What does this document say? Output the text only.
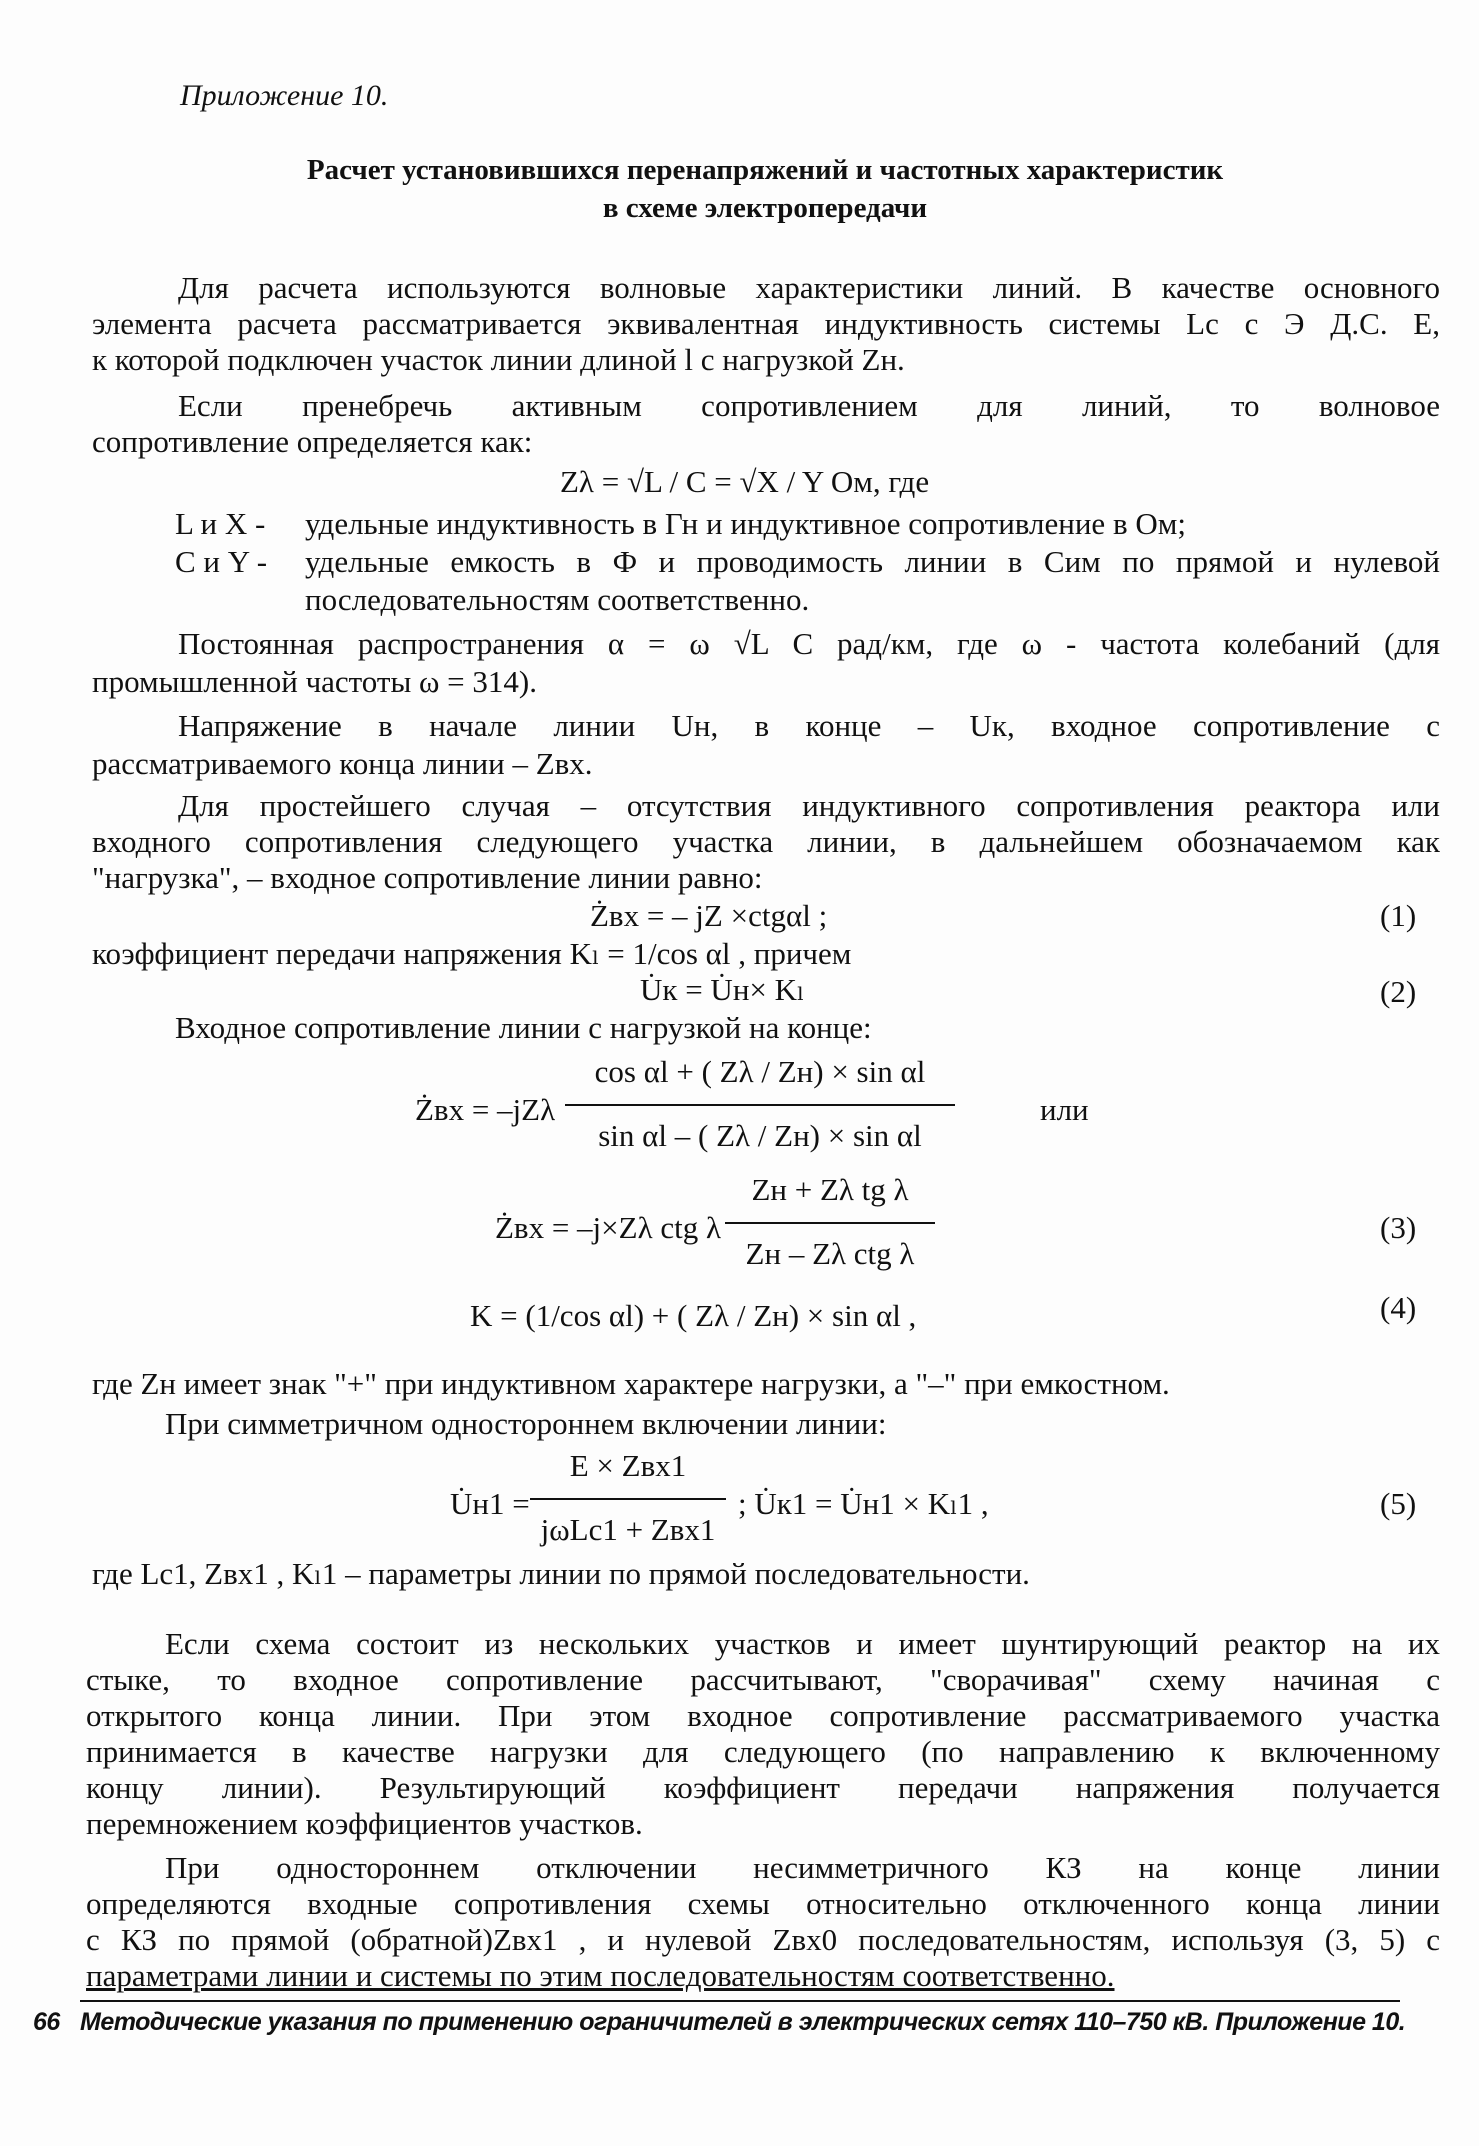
Приложение 10.
Расчет установившихся перенапряжений и частотных характеристик
в схеме электропередачи
Для расчета используются волновые характеристики линий. В качестве основного
элемента расчета рассматривается эквивалентная индуктивность системы Lс с Э Д.С. Е,
к которой подключен участок линии длиной l с нагрузкой Zн.
Если пренебречь активным сопротивлением для линий, то волновое
сопротивление определяется как:
Zλ = √L / C = √X / Y Ом, где
L и X - удельные индуктивность в Гн и индуктивное сопротивление в Ом;
C и Y - удельные емкость в Ф и проводимость линии в Сим по прямой и нулевой
последовательностям соответственно.
Постоянная распространения α = ω √L C рад/км, где ω - частота колебаний (для
промышленной частоты ω = 314).
Напряжение в начале линии Uн, в конце – Uк, входное сопротивление с
рассматриваемого конца линии – Zвх.
Для простейшего случая – отсутствия индуктивного сопротивления реактора или
входного сопротивления следующего участка линии, в дальнейшем обозначаемом как
"нагрузка", – входное сопротивление линии равно:
Żвх = – jZ ×ctgαl ;	(1)
коэффициент передачи напряжения Kₗ = 1/cos αl , причем
U̇к = U̇н× Kₗ	(2)
Входное сопротивление линии с нагрузкой на конце:
Żвх = –jZλ
cos αl + ( Zλ / Zн) × sin αl
sin αl – ( Zλ / Zн) × sin αl
или
Żвх = –j×Zλ ctg λ
Zн + Zλ tg λ
Zн – Zλ ctg λ
(3)
K = (1/cos αl) + ( Zλ / Zн) × sin αl ,	(4)
где Zн имеет знак "+" при индуктивном характере нагрузки, а "–" при емкостном.
При симметричном одностороннем включении линии:
U̇н1 =
E × Zвх1
jωLс1 + Zвх1
; U̇к1 = U̇н1 × Kₗ1 ,	(5)
где Lс1, Zвх1 , Kₗ1 – параметры линии по прямой последовательности.
Если схема состоит из нескольких участков и имеет шунтирующий реактор на их
стыке, то входное сопротивление рассчитывают, "сворачивая" схему начиная с
открытого конца линии. При этом входное сопротивление рассматриваемого участка
принимается в качестве нагрузки для следующего (по направлению к включенному
концу линии). Результирующий коэффициент передачи напряжения получается
перемножением коэффициентов участков.
При одностороннем отключении несимметричного КЗ на конце линии
определяются входные сопротивления схемы относительно отключенного конца линии
с КЗ по прямой (обратной)Zвх1 , и нулевой Zвх0 последовательностям, используя (3, 5) с
параметрами линии и системы по этим последовательностям соответственно.
66 Методические указания по применению ограничителей в электрических сетях 110–750 кВ. Приложение 10.
